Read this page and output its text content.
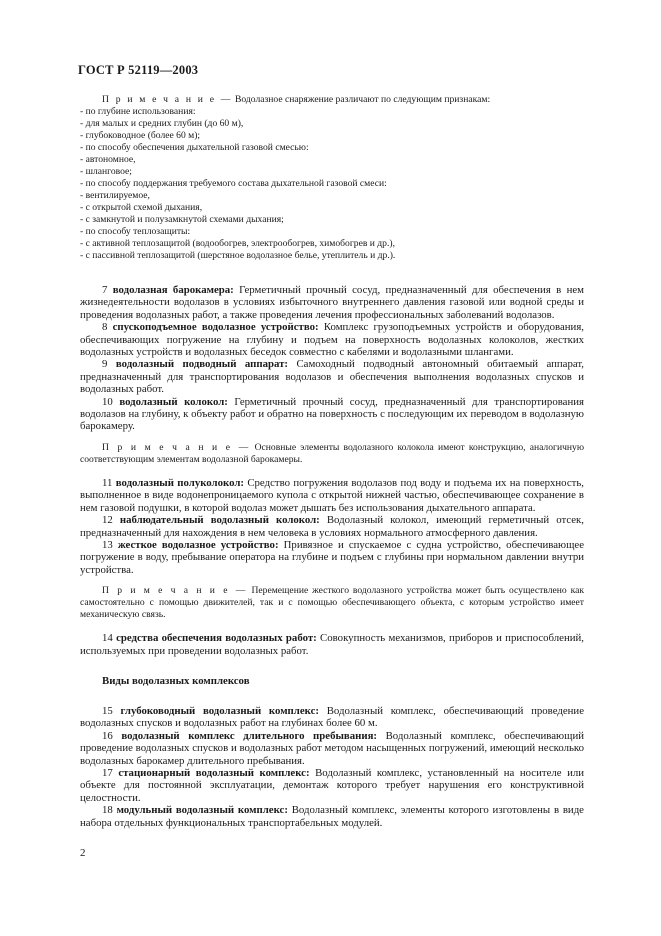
ГОСТ Р 52119—2003

П р и м е ч а н и е — Водолазное снаряжение различают по следующим признакам:

- по глубине использования:
- для малых и средних глубин (до 60 м),
- глубоководное (более 60 м);
- по способу обеспечения дыхательной газовой смесью:
- автономное,
- шланговое;
- по способу поддержания требуемого состава дыхательной газовой смеси:
- вентилируемое,
- с открытой схемой дыхания,
- с замкнутой и полузамкнутой схемами дыхания;
- по способу теплозащиты:
- с активной теплозащитой (водообогрев, электрообогрев, химобогрев и др.),
- с пассивной теплозащитой (шерстяное водолазное белье, утеплитель и др.).

7 водолазная барокамера: Герметичный прочный сосуд, предназначенный для обеспечения в нем жизнедеятельности водолазов в условиях избыточного внутреннего давления газовой или водной среды и проведения водолазных работ, а также проведения лечения профессиональных заболеваний водолазов.

8 спускоподъемное водолазное устройство: Комплекс грузоподъемных устройств и оборудования, обеспечивающих погружение на глубину и подъем на поверхность водолазных колоколов, жестких водолазных устройств и водолазных беседок совместно с кабелями и водолазными шлангами.

9 водолазный подводный аппарат: Самоходный подводный автономный обитаемый аппарат, предназначенный для транспортирования водолазов и обеспечения выполнения водолазных спусков и водолазных работ.

10 водолазный колокол: Герметичный прочный сосуд, предназначенный для транспортирования водолазов на глубину, к объекту работ и обратно на поверхность с последующим их переводом в водолазную барокамеру.

П р и м е ч а н и е — Основные элементы водолазного колокола имеют конструкцию, аналогичную соответствующим элементам водолазной барокамеры.

11 водолазный полуколокол: Средство погружения водолазов под воду и подъема их на поверхность, выполненное в виде водонепроницаемого купола с открытой нижней частью, обеспечивающее сохранение в нем газовой подушки, в которой водолаз может дышать без использования дыхательного аппарата.

12 наблюдательный водолазный колокол: Водолазный колокол, имеющий герметичный отсек, предназначенный для нахождения в нем человека в условиях нормального атмосферного давления.

13 жесткое водолазное устройство: Привязное и спускаемое с судна устройство, обеспечивающее погружение в воду, пребывание оператора на глубине и подъем с глубины при нормальном давлении внутри устройства.

П р и м е ч а н и е — Перемещение жесткого водолазного устройства может быть осуществлено как самостоятельно с помощью движителей, так и с помощью обеспечивающего объекта, с которым устройство имеет механическую связь.

14 средства обеспечения водолазных работ: Совокупность механизмов, приборов и приспособлений, используемых при проведении водолазных работ.

Виды водолазных комплексов

15 глубоководный водолазный комплекс: Водолазный комплекс, обеспечивающий проведение водолазных спусков и водолазных работ на глубинах более 60 м.

16 водолазный комплекс длительного пребывания: Водолазный комплекс, обеспечивающий проведение водолазных спусков и водолазных работ методом насыщенных погружений, имеющий несколько водолазных барокамер длительного пребывания.

17 стационарный водолазный комплекс: Водолазный комплекс, установленный на носителе или объекте для постоянной эксплуатации, демонтаж которого требует нарушения его конструктивной целостности.

18 модульный водолазный комплекс: Водолазный комплекс, элементы которого изготовлены в виде набора отдельных функциональных транспортабельных модулей.

2
